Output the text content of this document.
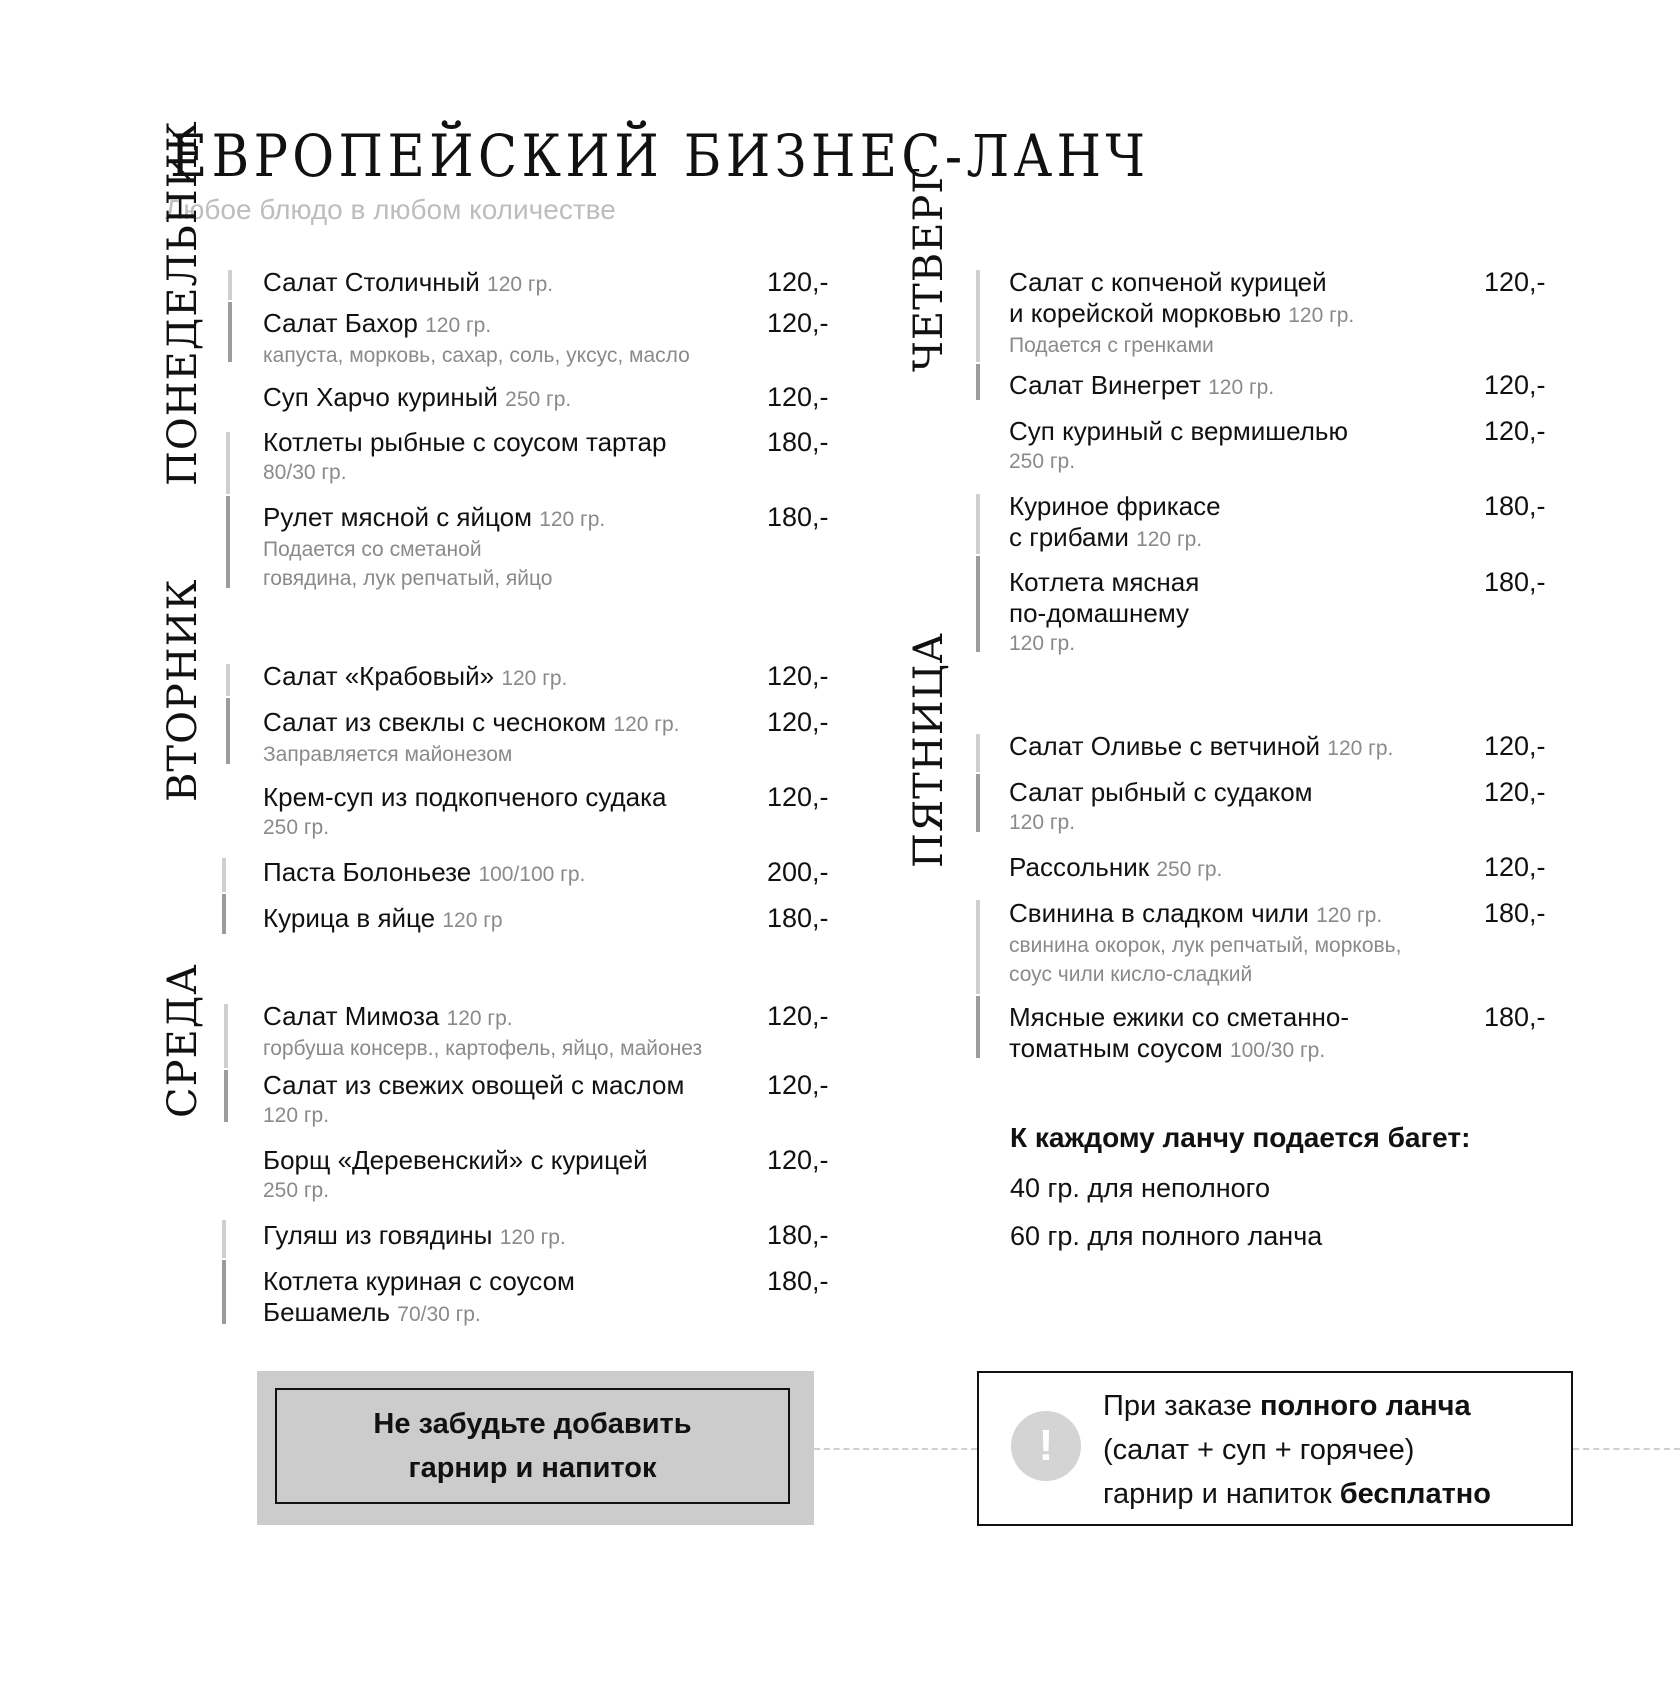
ЕВРОПЕЙСКИЙ БИЗНЕС-ЛАНЧ
Любое блюдо в любом количестве
ПОНЕДЕЛЬНИК Салат Столичный 120 гр.	120,-
Салат Бахор 120 гр.
капуста, морковь, сахар, соль, уксус, масло
120,-
Суп Харчо куриный 250 гр.	120,-
Котлеты рыбные с соусом тартар
80/30 гр.
180,-
Рулет мясной с яйцом 120 гр.
Подается со сметаной
говядина, лук репчатый, яйцо
180,-
ВТОРНИК Салат «Крабовый» 120 гр.	120,-
Салат из свеклы с чесноком 120 гр.
Заправляется майонезом
120,-
Крем-суп из подкопченого судака
250 гр.
120,-
Паста Болоньезе 100/100 гр.	200,-
Курица в яйце 120 гр	180,-
СРЕДА Салат Мимоза 120 гр.
горбуша консерв., картофель, яйцо, майонез
120,-
Салат из свежих овощей с маслом
120 гр.
120,-
Борщ «Деревенский» с курицей
250 гр.
120,-
Гуляш из говядины 120 гр.	180,-
Котлета куриная с соусом
Бешамель 70/30 гр.
180,-
ЧЕТВЕРГ Салат с копченой курицей
и корейской морковью 120 гр.
Подается с гренками
120,-
Салат Винегрет 120 гр.	120,-
Суп куриный с вермишелью
250 гр.
120,-
Куриное фрикасе
с грибами 120 гр.
180,-
Котлета мясная
по-домашнему
120 гр.
180,-
ПЯТНИЦА Салат Оливье с ветчиной 120 гр.	120,-
Салат рыбный с судаком
120 гр.
120,-
Рассольник 250 гр.	120,-
Свинина в сладком чили 120 гр.
свинина окорок, лук репчатый, морковь,
соус чили кисло-сладкий
180,-
Мясные ежики со сметанно-
томатным соусом 100/30 гр.
180,-
К каждому ланчу подается багет:
40 гр. для неполного
60 гр. для полного ланча
Не забудьте добавить
гарнир и напиток	!
При заказе полного ланча
(салат + суп + горячее)
гарнир и напиток бесплатно
